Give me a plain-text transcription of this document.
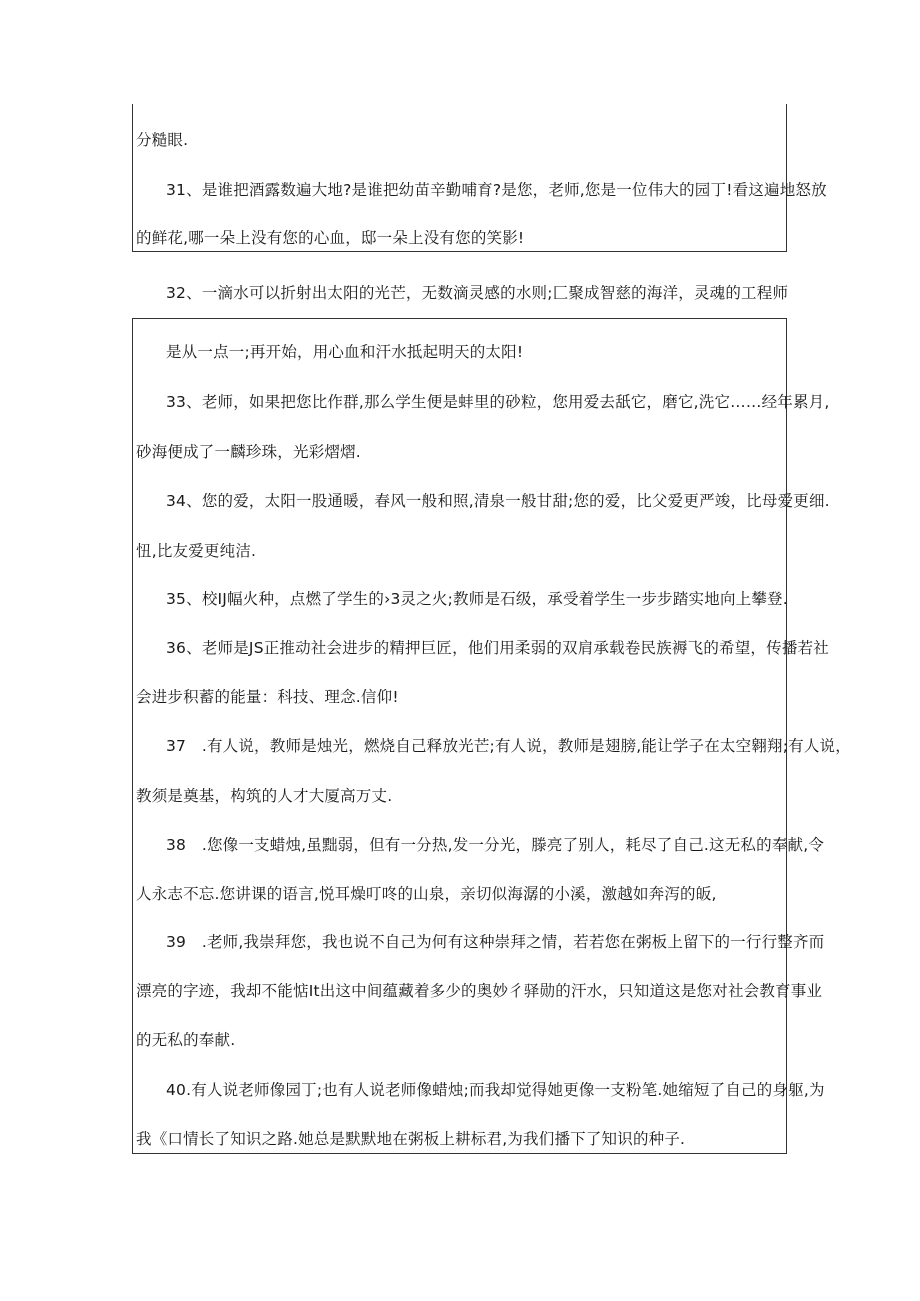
分糙眼.
31、是谁把酒露数遍大地?是谁把幼苗辛勤哺育?是您，老师,您是一位伟大的园丁!看这遍地怒放
的鲜花,哪一朵上没有您的心血，邸一朵上没有您的笑影!
32、一滴水可以折射出太阳的光芒，无数滴灵感的水则;匚聚成智慈的海洋，灵魂的工程师
是从一点一;再开始，用心血和汗水抵起明天的太阳!
33、老师，如果把您比作群,那么学生便是蚌里的砂粒，您用爱去舐它，磨它,洗它……经年累月,
砂海便成了一麟珍珠，光彩熠熠.
34、您的爱，太阳一股通暖，春风一般和照,清泉一般甘甜;您的爱，比父爱更严竣，比母爱更细.
忸,比友爱更纯洁.
35、校IJ幅火种，点燃了学生的›3灵之火;教师是石级，承受着学生一步步踏实地向上攀登.
36、老师是JS正推动社会进步的精押巨匠，他们用柔弱的双肩承载卷民族褥飞的希望，传播若社
会进步积蓄的能量：科技、理念.信仰!
37　.有人说，教师是烛光，燃烧自己释放光芒;有人说，教师是翅膀,能让学子在太空翱翔;有人说，
教须是奠基，构筑的人才大厦高万丈.
38　.您像一支蜡烛,虽黜弱，但有一分热,发一分光，滕亮了别人，耗尽了自己.这无私的奉献,令
人永志不忘.您讲课的语言,悦耳燥叮咚的山泉，亲切似海潺的小溪，激越如奔泻的皈,
39　.老师,我崇拜您，我也说不自己为何有这种崇拜之情，若若您在粥板上留下的一行行整齐而
漂亮的字迹，我却不能惦It出这中间蕴藏着多少的奥妙彳驿勋的汗水，只知道这是您对社会教育事业
的无私的奉献.
40.有人说老师像园丁;也有人说老师像蜡烛;而我却觉得她更像一支粉笔.她缩短了自己的身躯,为
我《口情长了知识之路.她总是默默地在粥板上耕标君,为我们播下了知识的种子.
